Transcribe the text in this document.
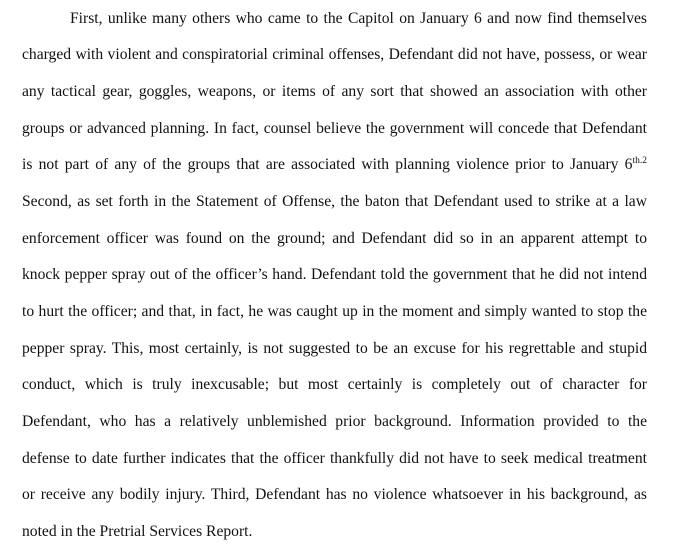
First, unlike many others who came to the Capitol on January 6 and now find themselves
charged with violent and conspiratorial criminal offenses, Defendant did not have, possess, or wear
any tactical gear, goggles, weapons, or items of any sort that showed an association with other
groups or advanced planning. In fact, counsel believe the government will concede that Defendant
is not part of any of the groups that are associated with planning violence prior to January $6^{th.2}$
Second, as set forth in the Statement of Offense, the baton that Defendant used to strike at a law
enforcement officer was found on the ground; and Defendant did so in an apparent attempt to
knock pepper spray out of the officer’s hand. Defendant told the government that he did not intend
to hurt the officer; and that, in fact, he was caught up in the moment and simply wanted to stop the
pepper spray. This, most certainly, is not suggested to be an excuse for his regrettable and stupid
conduct, which is truly inexcusable; but most certainly is completely out of character for
Defendant, who has a relatively unblemished prior background. Information provided to the
defense to date further indicates that the officer thankfully did not have to seek medical treatment
or receive any bodily injury. Third, Defendant has no violence whatsoever in his background, as
noted in the Pretrial Services Report.
